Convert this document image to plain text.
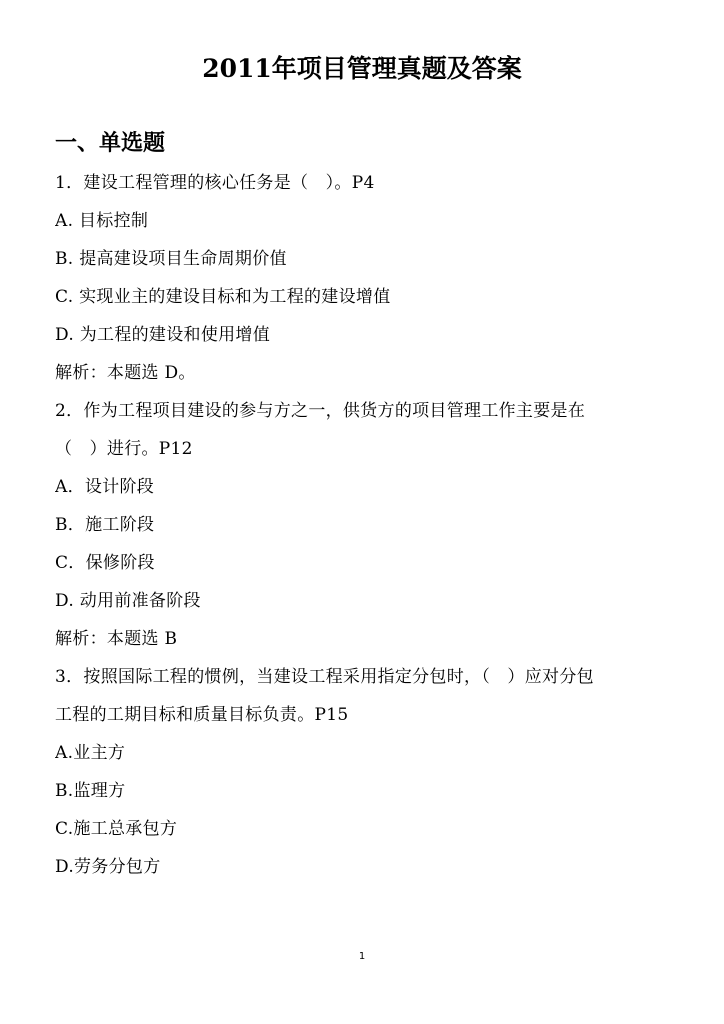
2011年项目管理真题及答案
一、单选题
1．建设工程管理的核心任务是（　）。P4
A. 目标控制
B. 提高建设项目生命周期价值
C. 实现业主的建设目标和为工程的建设增值
D. 为工程的建设和使用增值
解析：本题选 D。
2．作为工程项目建设的参与方之一，供货方的项目管理工作主要是在
（　）进行。P12
A．设计阶段
B．施工阶段
C．保修阶段
D. 动用前准备阶段
解析：本题选 B
3．按照国际工程的惯例，当建设工程采用指定分包时，（　）应对分包
工程的工期目标和质量目标负责。P15
A.业主方
B.监理方
C.施工总承包方
D.劳务分包方
1
